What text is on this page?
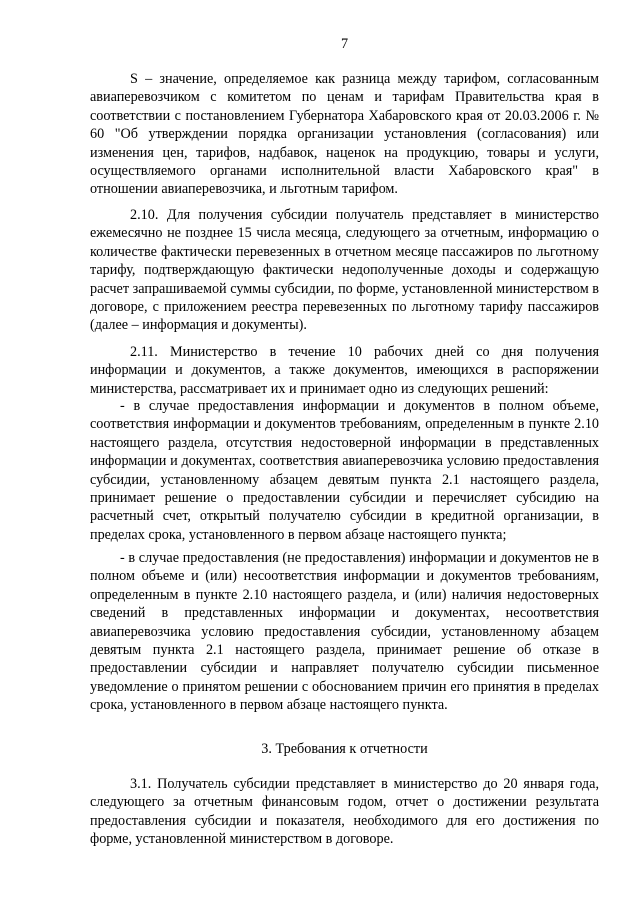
7

S – значение, определяемое как разница между тарифом, согласованным авиаперевозчиком с комитетом по ценам и тарифам Правительства края в соответствии с постановлением Губернатора Хабаровского края от 20.03.2006 г. № 60 "Об утверждении порядка организации установления (согласования) или изменения цен, тарифов, надбавок, наценок на продукцию, товары и услуги, осуществляемого органами исполнительной власти Хабаровского края" в отношении авиаперевозчика, и льготным тарифом.

2.10. Для получения субсидии получатель представляет в министерство ежемесячно не позднее 15 числа месяца, следующего за отчетным, информацию о количестве фактически перевезенных в отчетном месяце пассажиров по льготному тарифу, подтверждающую фактически недополученные доходы и содержащую расчет запрашиваемой суммы субсидии, по форме, установленной министерством в договоре, с приложением реестра перевезенных по льготному тарифу пассажиров (далее – информация и документы).

2.11. Министерство в течение 10 рабочих дней со дня получения информации и документов, а также документов, имеющихся в распоряжении министерства, рассматривает их и принимает одно из следующих решений:

- в случае предоставления информации и документов в полном объеме, соответствия информации и документов требованиям, определенным в пункте 2.10 настоящего раздела, отсутствия недостоверной информации в представленных информации и документах, соответствия авиаперевозчика условию предоставления субсидии, установленному абзацем девятым пункта 2.1 настоящего раздела, принимает решение о предоставлении субсидии и перечисляет субсидию на расчетный счет, открытый получателю субсидии в кредитной организации, в пределах срока, установленного в первом абзаце настоящего пункта;

- в случае предоставления (не предоставления) информации и документов не в полном объеме и (или) несоответствия информации и документов требованиям, определенным в пункте 2.10 настоящего раздела, и (или) наличия недостоверных сведений в представленных информации и документах, несоответствия авиаперевозчика условию предоставления субсидии, установленному абзацем девятым пункта 2.1 настоящего раздела, принимает решение об отказе в предоставлении субсидии и направляет получателю субсидии письменное уведомление о принятом решении с обоснованием причин его принятия в пределах срока, установленного в первом абзаце настоящего пункта.

3. Требования к отчетности

3.1. Получатель субсидии представляет в министерство до 20 января года, следующего за отчетным финансовым годом, отчет о достижении результата предоставления субсидии и показателя, необходимого для его достижения по форме, установленной министерством в договоре.
